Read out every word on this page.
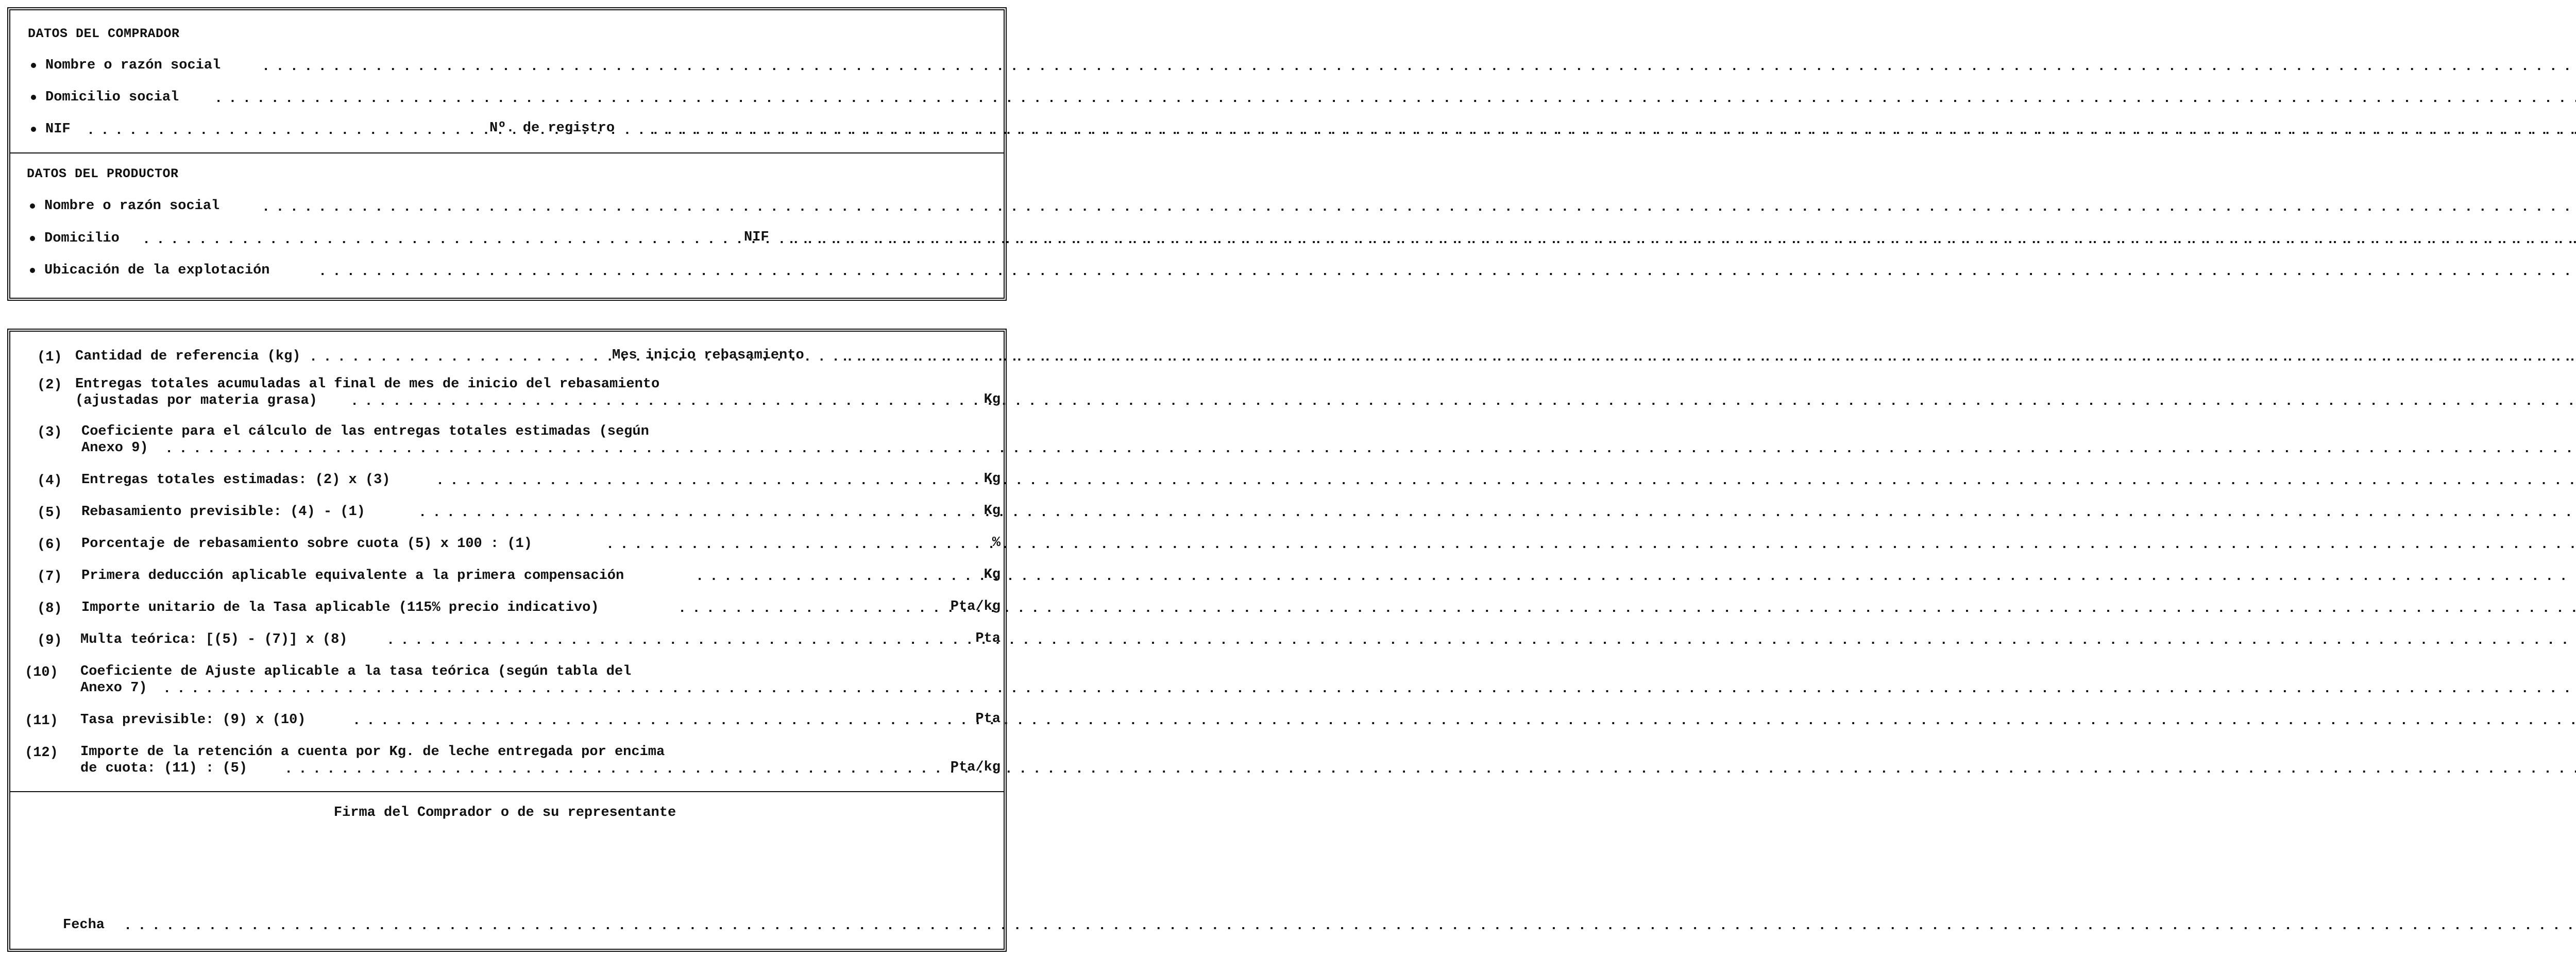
DATOS DEL COMPRADOR
Nombre o razón social
. . .
Domicilio social
. . .
NIF . . .	Nº. de registro
. . .
DATOS DEL PRODUCTOR
Nombre o razón social
. . .
Domicilio . . .	NIF
. . .
Ubicación de la explotación
. . .
(1) Cantidad de referencia (kg) . . .	Mes inicio rebasamiento
. . .
(2) Entregas totales acumuladas al final de mes de inicio del rebasamiento
(ajustadas por materia grasa) . . .	Kg
(3) Coeficiente para el cálculo de las entregas totales estimadas (según
Anexo 9)
. . .
(4) Entregas totales estimadas: (2) x (3) . . .	Kg
(5) Rebasamiento previsible: (4) - (1) . . .	Kg
(6) Porcentaje de rebasamiento sobre cuota (5) x 100 : (1) . . .	%
(7) Primera deducción aplicable equivalente a la primera compensación . . .	Kg
(8) Importe unitario de la Tasa aplicable (115% precio indicativo) . . .	Pta/kg
(9) Multa teórica: [(5) - (7)] x (8) . . .	Pta
(10) Coeficiente de Ajuste aplicable a la tasa teórica (según tabla del
Anexo 7)
. . .
(11) Tasa previsible: (9) x (10) . . .	Pta
(12) Importe de la retención a cuenta por Kg. de leche entregada por encima
de cuota: (11) : (5) . . .	Pta/kg
Firma del Comprador o de su representante
Fecha
. . .
